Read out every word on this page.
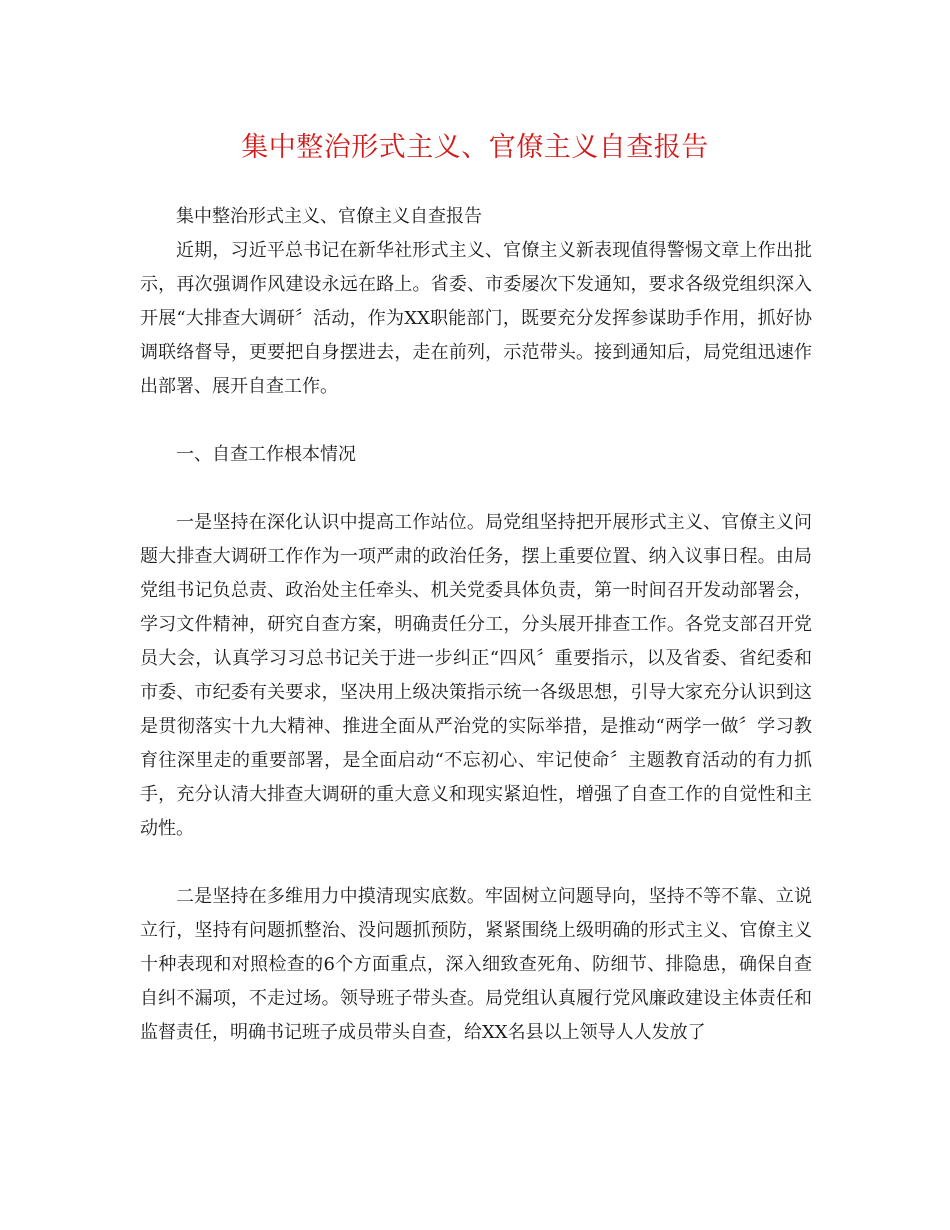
集中整治形式主义、官僚主义自查报告

集中整治形式主义、官僚主义自查报告

近期，习近平总书记在新华社形式主义、官僚主义新表现值得警惕文章上作出批示，再次强调作风建设永远在路上。省委、市委屡次下发通知，要求各级党组织深入开展“大排查大调研〞活动，作为XX职能部门，既要充分发挥参谋助手作用，抓好协调联络督导，更要把自身摆进去，走在前列，示范带头。接到通知后，局党组迅速作出部署、展开自查工作。

一、自查工作根本情况

一是坚持在深化认识中提高工作站位。局党组坚持把开展形式主义、官僚主义问题大排查大调研工作作为一项严肃的政治任务，摆上重要位置、纳入议事日程。由局党组书记负总责、政治处主任牵头、机关党委具体负责，第一时间召开发动部署会，学习文件精神，研究自查方案，明确责任分工，分头展开排查工作。各党支部召开党员大会，认真学习习总书记关于进一步纠正“四风〞重要指示，以及省委、省纪委和市委、市纪委有关要求，坚决用上级决策指示统一各级思想，引导大家充分认识到这是贯彻落实十九大精神、推进全面从严治党的实际举措，是推动“两学一做〞学习教育往深里走的重要部署，是全面启动“不忘初心、牢记使命〞主题教育活动的有力抓手，充分认清大排查大调研的重大意义和现实紧迫性，增强了自查工作的自觉性和主动性。

二是坚持在多维用力中摸清现实底数。牢固树立问题导向，坚持不等不靠、立说立行，坚持有问题抓整治、没问题抓预防，紧紧围绕上级明确的形式主义、官僚主义十种表现和对照检查的6个方面重点，深入细致查死角、防细节、排隐患，确保自查自纠不漏项，不走过场。领导班子带头查。局党组认真履行党风廉政建设主体责任和监督责任，明确书记班子成员带头自查，给XX名县以上领导人人发放了
